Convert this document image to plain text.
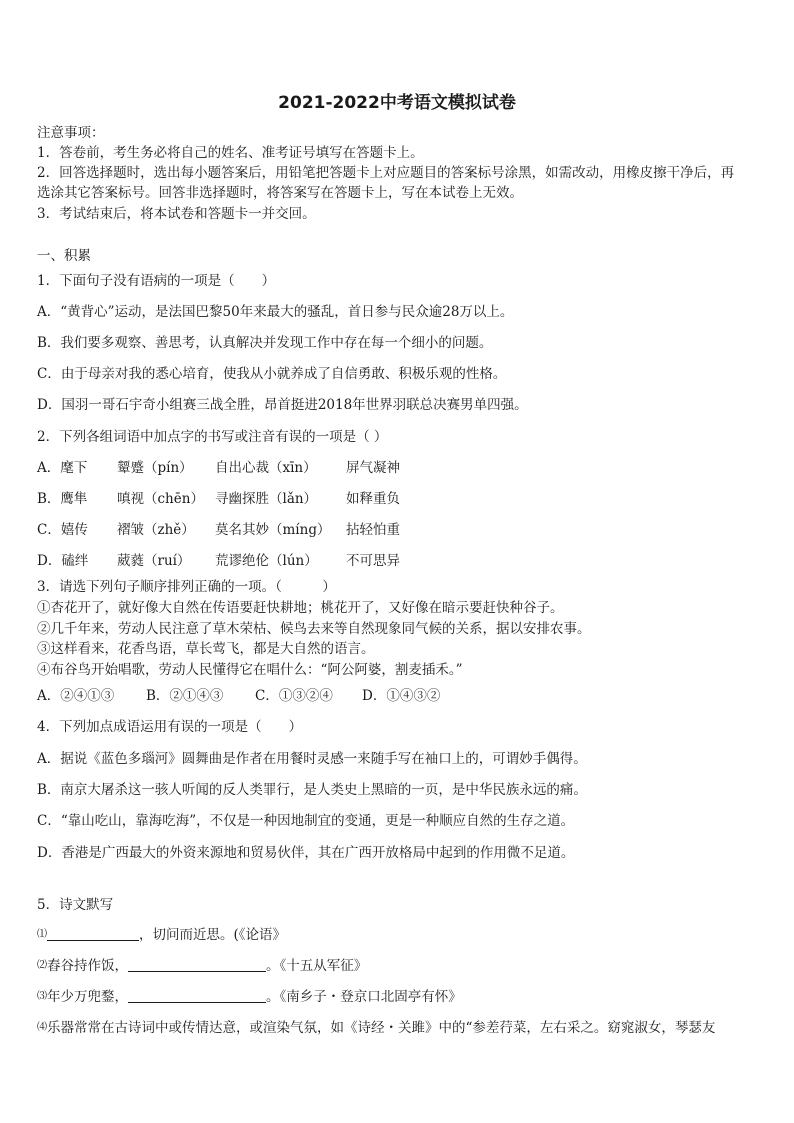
2021-2022中考语文模拟试卷
注意事项：
1．答卷前，考生务必将自己的姓名、准考证号填写在答题卡上。
2．回答选择题时，选出每小题答案后，用铅笔把答题卡上对应题目的答案标号涂黑，如需改动，用橡皮擦干净后，再
选涂其它答案标号。回答非选择题时，将答案写在答题卡上，写在本试卷上无效。
3．考试结束后，将本试卷和答题卡一并交回。
一、积累
1．下面句子没有语病的一项是（　　）
A．“黄背心”运动，是法国巴黎50年来最大的骚乱，首日参与民众逾28万以上。
B．我们要多观察、善思考，认真解决并发现工作中存在每一个细小的问题。
C．由于母亲对我的悉心培育，使我从小就养成了自信勇敢、积极乐观的性格。
D．国羽一哥石宇奇小组赛三战全胜，昂首挺进2018年世界羽联总决赛男单四强。
2．下列各组词语中加点字的书写或注音有误的一项是（ ）
A．麾下 颦蹙（pín） 自出心裁（xīn） 屏气凝神
B．鹰隼 嗔视（chēn） 寻幽探胜（lǎn） 如释重负
C．嬉传 褶皱（zhě） 莫名其妙（míng） 拈轻怕重
D．磕绊 葳蕤（ruí） 荒谬绝伦（lún） 不可思异
3．请选下列句子顺序排列正确的一项。（　　　）
①杏花开了，就好像大自然在传语要赶快耕地；桃花开了，又好像在暗示要赶快种谷子。
②几千年来，劳动人民注意了草木荣枯、候鸟去来等自然现象同气候的关系，据以安排农事。
③这样看来，花香鸟语，草长莺飞，都是大自然的语言。
④布谷鸟开始唱歌，劳动人民懂得它在唱什么：“阿公阿婆，割麦插禾。”
A．②④①③ B．②①④③ C．①③②④ D．①④③②
4．下列加点成语运用有误的一项是（　　）
A．据说《蓝色多瑙河》圆舞曲是作者在用餐时灵感一来随手写在袖口上的，可谓妙手偶得。
B．南京大屠杀这一骇人听闻的反人类罪行，是人类史上黑暗的一页，是中华民族永远的痛。
C．“靠山吃山，靠海吃海”，不仅是一种因地制宜的变通，更是一种顺应自然的生存之道。
D．香港是广西最大的外资来源地和贸易伙伴，其在广西开放格局中起到的作用微不足道。
5．诗文默写
⑴	，切问而近思。(《论语》
⑵舂谷持作饭，	。《十五从军征》
⑶年少万兜鍪，	。《南乡子・登京口北固亭有怀》
⑷乐器常常在古诗词中或传情达意，或渲染气氛，如《诗经・关雎》中的“参差荇菜，左右采之。窈窕淑女，琴瑟友
